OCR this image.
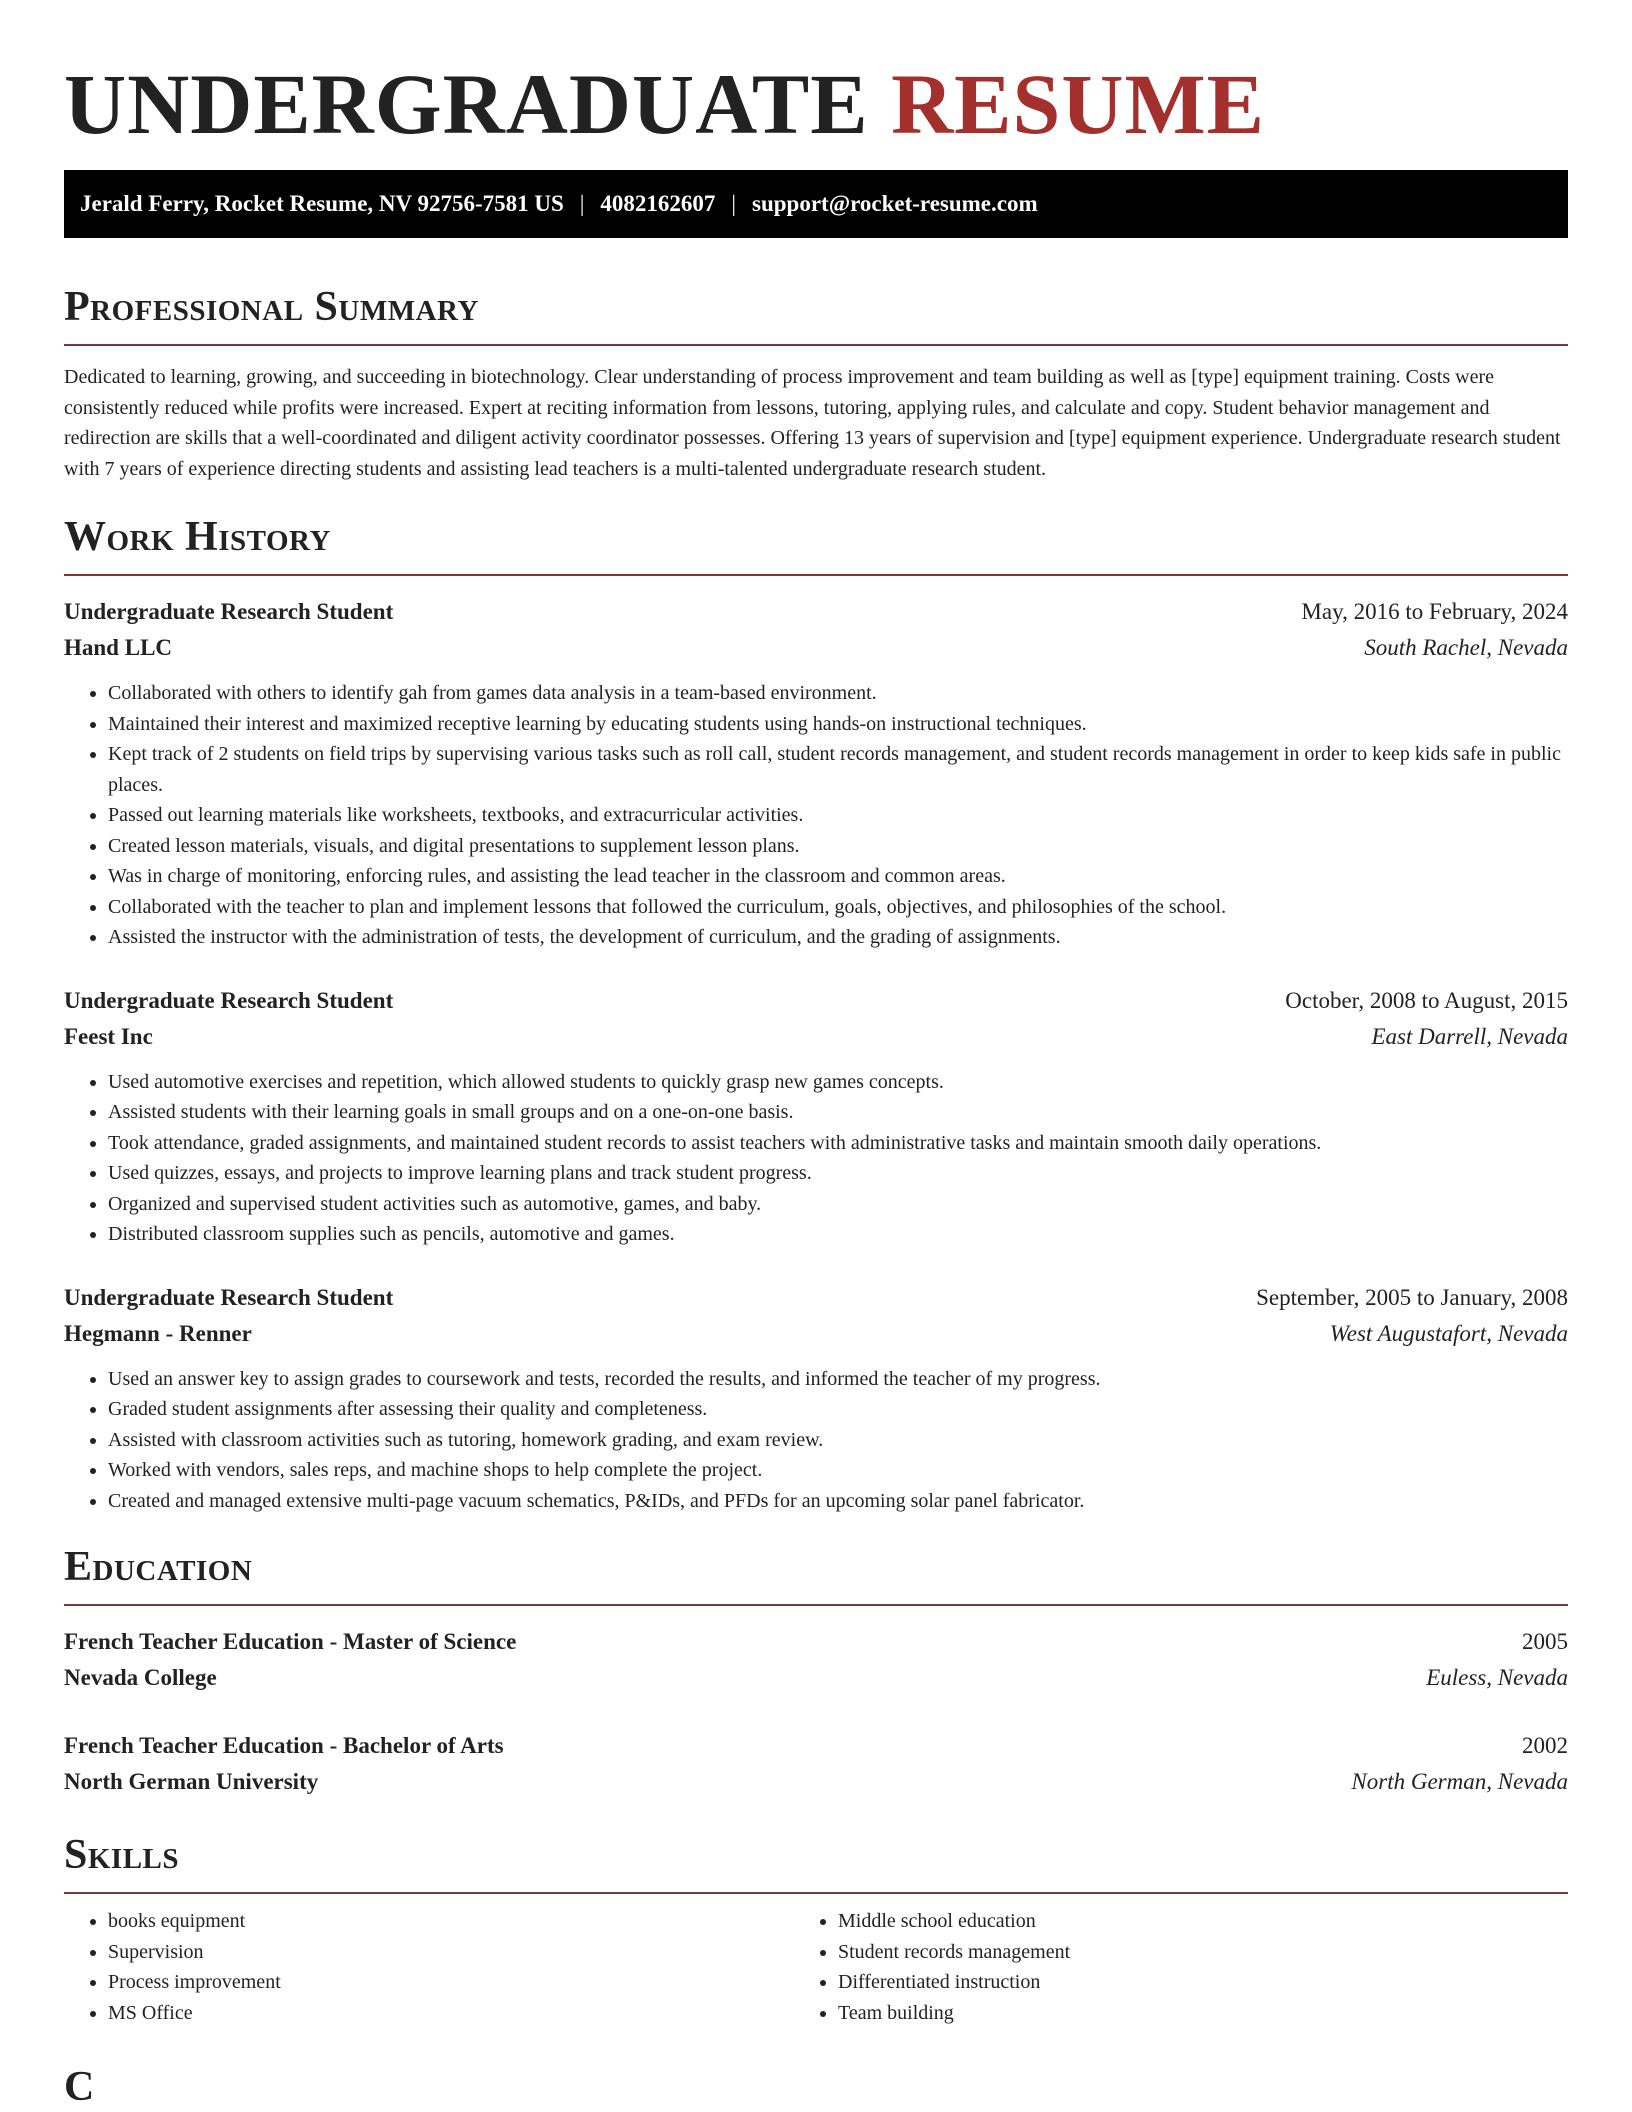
UNDERGRADUATE RESUME
Jerald Ferry, Rocket Resume, NV 92756-7581 US | 4082162607 | support@rocket-resume.com
Professional Summary

Dedicated to learning, growing, and succeeding in biotechnology. Clear understanding of process improvement and team building as well as [type] equipment training. Costs were consistently reduced while profits were increased. Expert at reciting information from lessons, tutoring, applying rules, and calculate and copy. Student behavior management and redirection are skills that a well-coordinated and diligent activity coordinator possesses. Offering 13 years of supervision and [type] equipment experience. Undergraduate research student with 7 years of experience directing students and assisting lead teachers is a multi-talented undergraduate research student.

Work History
Undergraduate Research Student	May, 2016 to February, 2024
Hand LLC	South Rachel, Nevada
• Collaborated with others to identify gah from games data analysis in a team-based environment.
• Maintained their interest and maximized receptive learning by educating students using hands-on instructional techniques.
• Kept track of 2 students on field trips by supervising various tasks such as roll call, student records management, and student records management in order to keep kids safe in public places.
• Passed out learning materials like worksheets, textbooks, and extracurricular activities.
• Created lesson materials, visuals, and digital presentations to supplement lesson plans.
• Was in charge of monitoring, enforcing rules, and assisting the lead teacher in the classroom and common areas.
• Collaborated with the teacher to plan and implement lessons that followed the curriculum, goals, objectives, and philosophies of the school.
• Assisted the instructor with the administration of tests, the development of curriculum, and the grading of assignments.
Undergraduate Research Student	October, 2008 to August, 2015
Feest Inc	East Darrell, Nevada
• Used automotive exercises and repetition, which allowed students to quickly grasp new games concepts.
• Assisted students with their learning goals in small groups and on a one-on-one basis.
• Took attendance, graded assignments, and maintained student records to assist teachers with administrative tasks and maintain smooth daily operations.
• Used quizzes, essays, and projects to improve learning plans and track student progress.
• Organized and supervised student activities such as automotive, games, and baby.
• Distributed classroom supplies such as pencils, automotive and games.
Undergraduate Research Student	September, 2005 to January, 2008
Hegmann - Renner	West Augustafort, Nevada
• Used an answer key to assign grades to coursework and tests, recorded the results, and informed the teacher of my progress.
• Graded student assignments after assessing their quality and completeness.
• Assisted with classroom activities such as tutoring, homework grading, and exam review.
• Worked with vendors, sales reps, and machine shops to help complete the project.
• Created and managed extensive multi-page vacuum schematics, P&IDs, and PFDs for an upcoming solar panel fabricator.
Education
French Teacher Education - Master of Science	2005
Nevada College	Euless, Nevada
French Teacher Education - Bachelor of Arts	2002
North German University	North German, Nevada
Skills
• books equipment
• Supervision
• Process improvement
• MS Office
• Middle school education
• Student records management
• Differentiated instruction
• Team building
C
